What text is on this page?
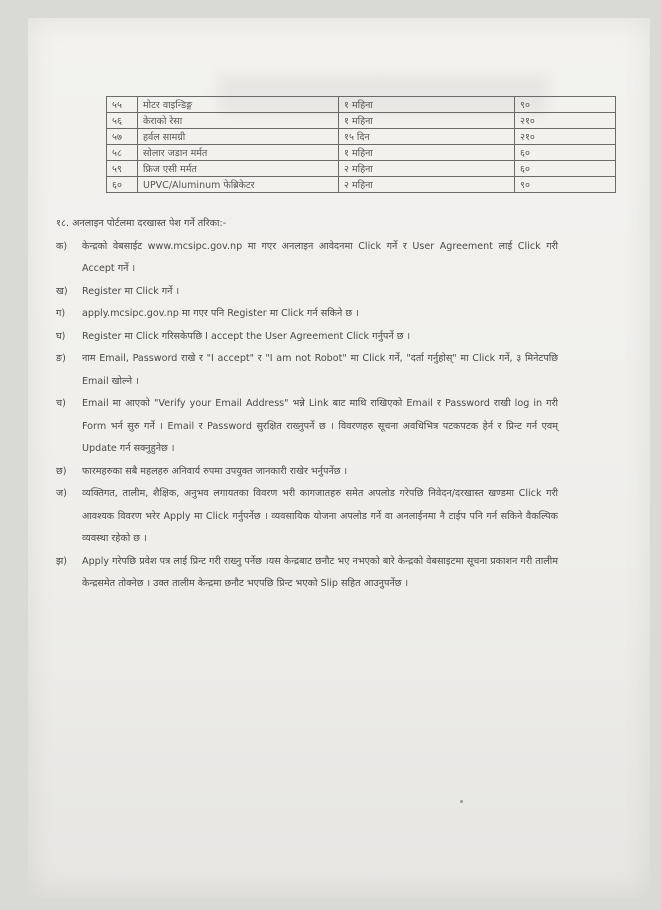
५५	मोटर वाइन्डिङ्ग	१ महिना	९०
५६	केराको रेसा	१ महिना	२१०
५७	हर्वल सामग्री	१५ दिन	२१०
५८	सोलार जडान मर्मत	१ महिना	६०
५९	फ्रिज एसी मर्मत	२ महिना	६०
६०	UPVC/Aluminum फेब्रिकेटर	२ महिना	९०

१८. अनलाइन पोर्टलमा दरखास्त पेश गर्ने तरिका:-

क)	केन्द्रको वेबसाईट www.mcsipc.gov.np मा गएर अनलाइन आवेदनमा Click गर्ने र User Agreement लाई Click गरी Accept गर्ने ।
ख)	Register मा Click गर्ने ।
ग)	apply.mcsipc.gov.np मा गएर पनि Register मा Click गर्न सकिने छ ।
घ)	Register मा Click गरिसकेपछि I accept the User Agreement Click गर्नुपर्ने छ ।
ङ)	नाम Email, Password राखे र "I accept" र "I am not Robot" मा Click गर्ने, "दर्ता गर्नुहोस्" मा Click गर्ने, ३ मिनेटपछि Email खोल्ने ।
च)	Email मा आएको "Verify your Email Address" भन्ने Link बाट माथि राखिएको Email र Password राखी log in गरी Form भर्न सुरु गर्ने । Email र Password सुरक्षित राख्नुपर्ने छ । विवरणहरु सूचना अवधिभित्र पटकपटक हेर्न र प्रिन्ट गर्न एवम् Update गर्न सक्नुहुनेछ ।
छ)	फारमहरुका सबै महलहरु अनिवार्य रुपमा उपयुक्त जानकारी राखेर भर्नुपर्नेछ ।
ज)	व्यक्तिगत, तालीम, शैक्षिक, अनुभव लगायतका विवरण भरी कागजातहरु समेत अपलोड गरेपछि निवेदन/दरखास्त खण्डमा Click गरी आवश्यक विवरण भरेर Apply मा Click गर्नुपर्नेछ । व्यवसायिक योजना अपलोड गर्ने वा अनलाईनमा नै टाईप पनि गर्न सकिने वैकल्पिक व्यवस्था रहेको छ ।
झ)	Apply गरेपछि प्रवेश पत्र लाई प्रिन्ट गरी राख्नु पर्नेछ ।यस केन्द्रबाट छनौट भए नभएको बारे केन्द्रको वेबसाइटमा सूचना प्रकाशन गरी तालीम केन्द्रसमेत तोक्नेछ । उक्त तालीम केन्द्रमा छनौट भएपछि प्रिन्ट भएको Slip सहित आउनुपर्नेछ ।
